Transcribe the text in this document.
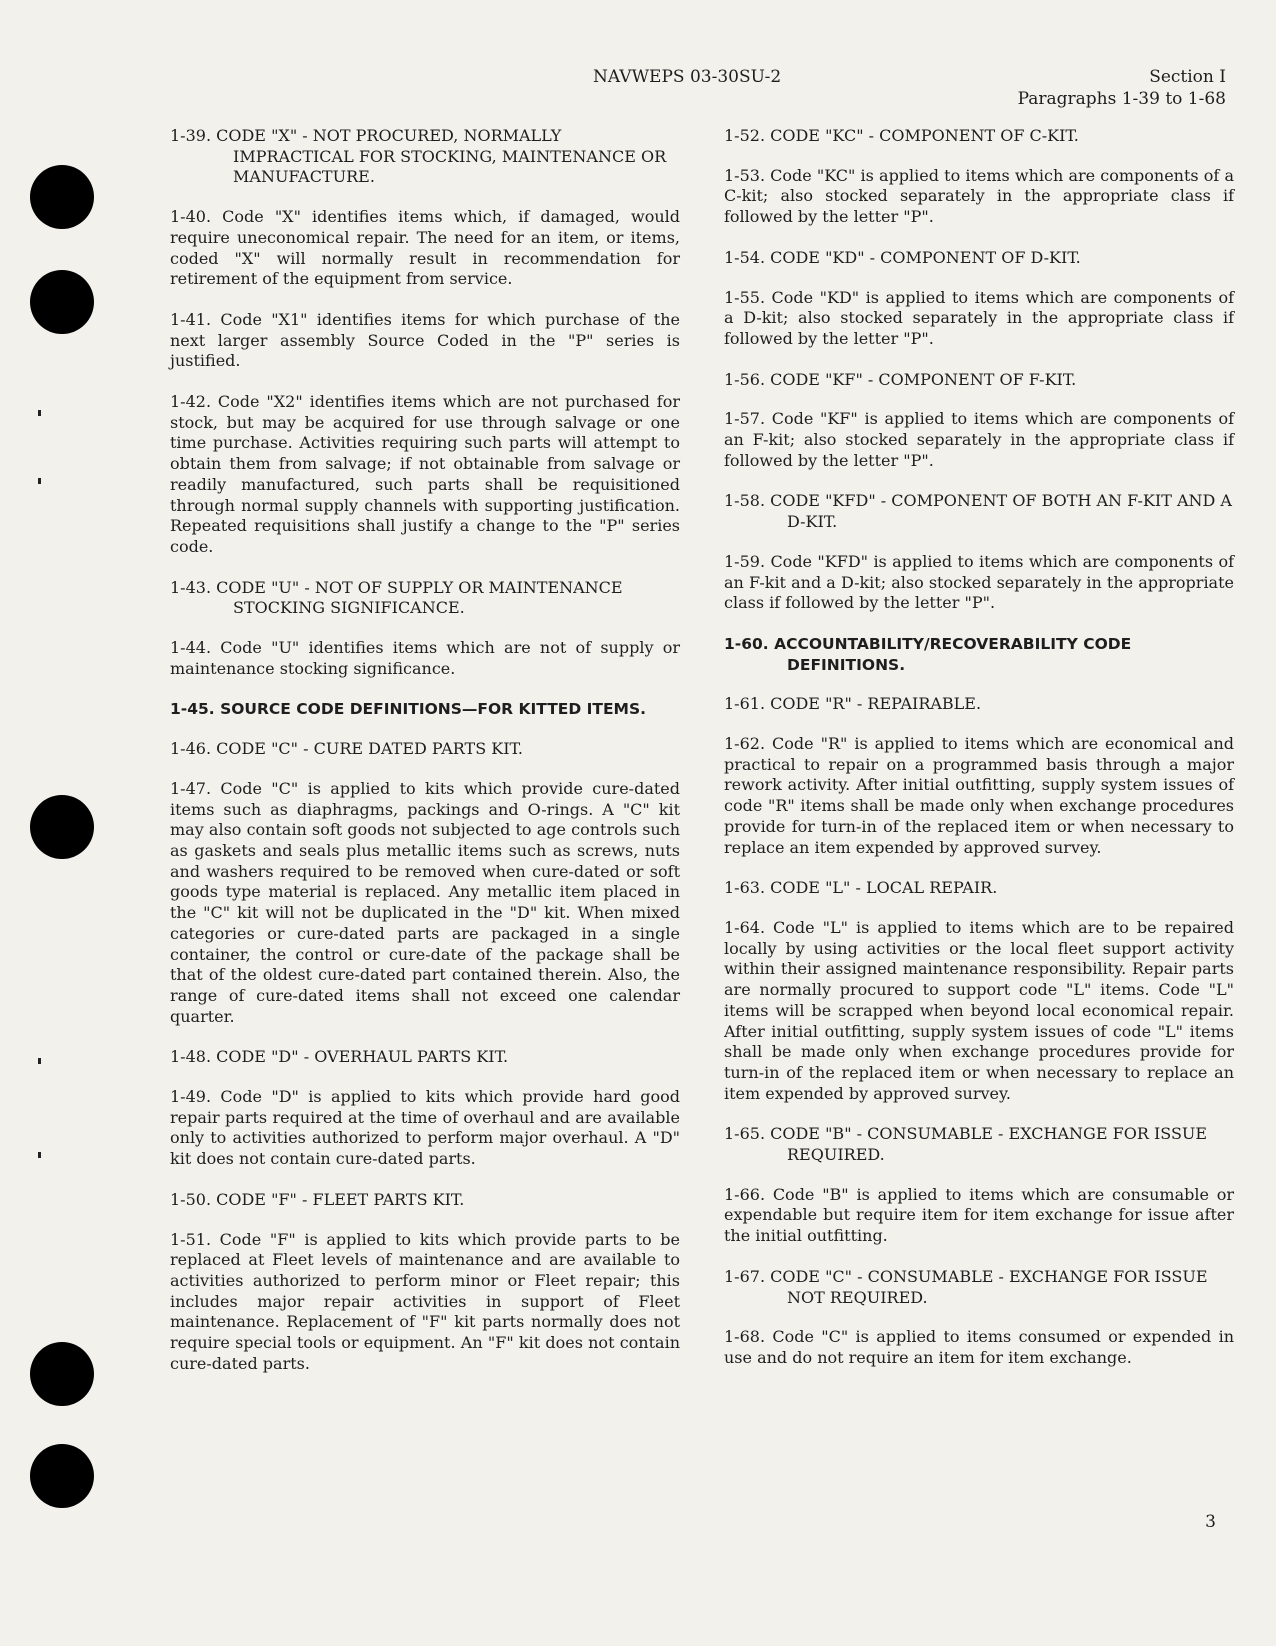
NAVWEPS 03-30SU-2	Section I
Paragraphs 1-39 to 1-68

1-39. CODE "X" - NOT PROCURED, NORMALLY IMPRACTICAL FOR STOCKING, MAINTENANCE OR MANUFACTURE.

1-40. Code "X" identifies items which, if damaged, would require uneconomical repair. The need for an item, or items, coded "X" will normally result in recommendation for retirement of the equipment from service.

1-41. Code "X1" identifies items for which purchase of the next larger assembly Source Coded in the "P" series is justified.

1-42. Code "X2" identifies items which are not purchased for stock, but may be acquired for use through salvage or one time purchase. Activities requiring such parts will attempt to obtain them from salvage; if not obtainable from salvage or readily manufactured, such parts shall be requisitioned through normal supply channels with supporting justification. Repeated requisitions shall justify a change to the "P" series code.

1-43. CODE "U" - NOT OF SUPPLY OR MAINTENANCE STOCKING SIGNIFICANCE.

1-44. Code "U" identifies items which are not of supply or maintenance stocking significance.

1-45. SOURCE CODE DEFINITIONS—FOR KITTED ITEMS.

1-46. CODE "C" - CURE DATED PARTS KIT.

1-47. Code "C" is applied to kits which provide cure-dated items such as diaphragms, packings and O-rings. A "C" kit may also contain soft goods not subjected to age controls such as gaskets and seals plus metallic items such as screws, nuts and washers required to be removed when cure-dated or soft goods type material is replaced. Any metallic item placed in the "C" kit will not be duplicated in the "D" kit. When mixed categories or cure-dated parts are packaged in a single container, the control or cure-date of the package shall be that of the oldest cure-dated part contained therein. Also, the range of cure-dated items shall not exceed one calendar quarter.

1-48. CODE "D" - OVERHAUL PARTS KIT.

1-49. Code "D" is applied to kits which provide hard good repair parts required at the time of overhaul and are available only to activities authorized to perform major overhaul. A "D" kit does not contain cure-dated parts.

1-50. CODE "F" - FLEET PARTS KIT.

1-51. Code "F" is applied to kits which provide parts to be replaced at Fleet levels of maintenance and are available to activities authorized to perform minor or Fleet repair; this includes major repair activities in support of Fleet maintenance. Replacement of "F" kit parts normally does not require special tools or equipment. An "F" kit does not contain cure-dated parts.

1-52. CODE "KC" - COMPONENT OF C-KIT.

1-53. Code "KC" is applied to items which are components of a C-kit; also stocked separately in the appropriate class if followed by the letter "P".

1-54. CODE "KD" - COMPONENT OF D-KIT.

1-55. Code "KD" is applied to items which are components of a D-kit; also stocked separately in the appropriate class if followed by the letter "P".

1-56. CODE "KF" - COMPONENT OF F-KIT.

1-57. Code "KF" is applied to items which are components of an F-kit; also stocked separately in the appropriate class if followed by the letter "P".

1-58. CODE "KFD" - COMPONENT OF BOTH AN F-KIT AND A D-KIT.

1-59. Code "KFD" is applied to items which are components of an F-kit and a D-kit; also stocked separately in the appropriate class if followed by the letter "P".

1-60. ACCOUNTABILITY/RECOVERABILITY CODE DEFINITIONS.

1-61. CODE "R" - REPAIRABLE.

1-62. Code "R" is applied to items which are economical and practical to repair on a programmed basis through a major rework activity. After initial outfitting, supply system issues of code "R" items shall be made only when exchange procedures provide for turn-in of the replaced item or when necessary to replace an item expended by approved survey.

1-63. CODE "L" - LOCAL REPAIR.

1-64. Code "L" is applied to items which are to be repaired locally by using activities or the local fleet support activity within their assigned maintenance responsibility. Repair parts are normally procured to support code "L" items. Code "L" items will be scrapped when beyond local economical repair. After initial outfitting, supply system issues of code "L" items shall be made only when exchange procedures provide for turn-in of the replaced item or when necessary to replace an item expended by approved survey.

1-65. CODE "B" - CONSUMABLE - EXCHANGE FOR ISSUE REQUIRED.

1-66. Code "B" is applied to items which are consumable or expendable but require item for item exchange for issue after the initial outfitting.

1-67. CODE "C" - CONSUMABLE - EXCHANGE FOR ISSUE NOT REQUIRED.

1-68. Code "C" is applied to items consumed or expended in use and do not require an item for item exchange.

3
